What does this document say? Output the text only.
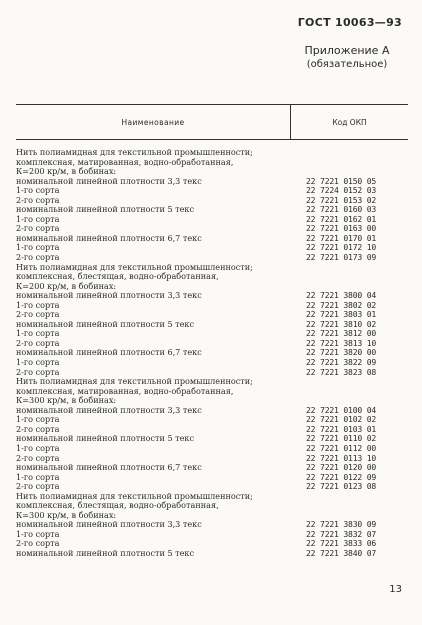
ГОСТ 10063—93
Приложение А
(обязательное)
Наименование	Код ОКП
Нить полиамидная для текстильной промышленности;
комплексная, матированная, водно-обработанная,
К=200 кр/м, в бобинах:
номинальной линейной плотности 3,3 текс	22 7221 0150 05
1-го сорта	22 7224 0152 03
2-го сорта	22 7221 0153 02
номинальной линейной плотности 5 текс	22 7221 0160 03
1-го сорта	22 7221 0162 01
2-го сорта	22 7221 0163 00
номинальной линейной плотности 6,7 текс	22 7221 0170 01
1-го сорта	22 7221 0172 10
2-го сорта	22 7221 0173 09
Нить полиамидная для текстильной промышленности;
комплексная, блестящая, водно-обработанная,
К=200 кр/м, в бобинах:
номинальной линейной плотности 3,3 текс	22 7221 3800 04
1-го сорта	22 7221 3802 02
2-го сорта	22 7221 3803 01
номинальной линейной плотности 5 текс	22 7221 3810 02
1-го сорта	22 7221 3812 00
2-го сорта	22 7221 3813 10
номинальной линейной плотности 6,7 текс	22 7221 3820 00
1-го сорта	22 7221 3822 09
2-го сорта	22 7221 3823 08
Нить полиамидная для текстильной промышленности;
комплексная, матированная, водно-обработанная,
К=300 кр/м, в бобинах:
номинальной линейной плотности 3,3 текс	22 7221 0100 04
1-го сорта	22 7221 0102 02
2-го сорта	22 7221 0103 01
номинальной линейной плотности 5 текс	22 7221 0110 02
1-го сорта	22 7221 0112 00
2-го сорта	22 7221 0113 10
номинальной линейной плотности 6,7 текс	22 7221 0120 00
1-го сорта	22 7221 0122 09
2-го сорта	22 7221 0123 08
Нить полиамидная для текстильной промышленности;
комплексная, блестящая, водно-обработанная,
К=300 кр/м, в бобинах:
номинальной линейной плотности 3,3 текс	22 7221 3830 09
1-го сорта	22 7221 3832 07
2-го сорта	22 7221 3833 06
номинальной линейной плотности 5 текс	22 7221 3840 07
13
